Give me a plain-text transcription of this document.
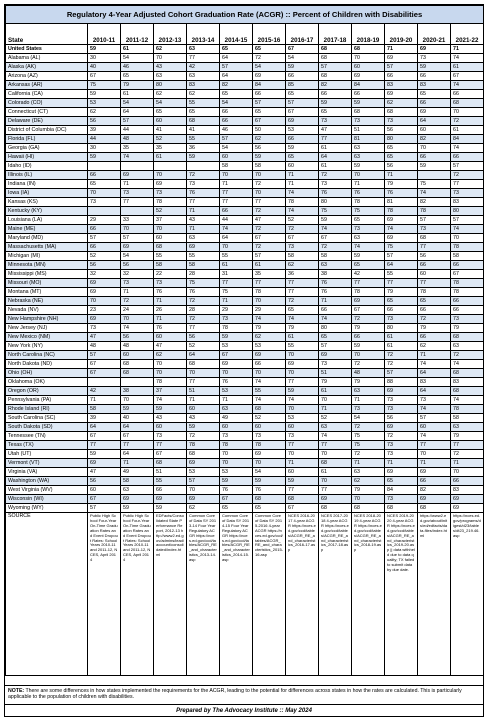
Regulatory 4-Year Adjusted Cohort Graduation Rate (ACGR) :: Percent of Children with Disabilities												
State	2010-11	2011-12	2012-13	2013-14	2014-15	2015-16	2016-17	2017-18	2018-19	2019-20	2020-21	2021-22
United States	59	61	62	63	65	65	67	68	68	71	69	71
Alabama (AL)	30	54	70	77	64	72	54	68	70	69	73	74
Alaska (AK)	40	46	43	42	57	54	59	57	60	57	59	61
Arizona (AZ)	67	65	63	63	64	69	66	68	69	66	66	67
Arkansas (AR)	75	79	80	83	82	84	85	82	84	83	83	74
California (CA)	59	61	62	62	65	66	65	66	66	69	65	66
Colorado (CO)	53	54	54	55	54	57	57	59	59	62	66	68
Connecticut (CT)	62	64	65	65	66	65	67	65	68	68	69	70
Delaware (DE)	56	57	60	68	66	67	69	73	73	73	64	72
District of Columbia (DC)	39	44	41	41	46	50	53	47	51	56	60	61
Florida (FL)	44	48	52	55	57	62	66	77	81	80	82	84
Georgia (GA)	30	35	35	36	54	56	59	61	63	65	70	74
Hawaii (HI)	59	74	61	59	60	59	65	64	63	65	66	66
Idaho (ID)					58	58	60	61	59	56	59	57
Illinois (IL)	66	69	70	72	70	70	71	72	70	71		72
Indiana (IN)	65	71	69	73	71	72	71	73	71	79	75	77
Iowa (IA)	70	73	73	76	77	70	74	76	76	76	74	73
Kansas (KS)	73	77	78	77	77	77	78	80	78	81	82	83
Kentucky (KY)			52	71	66	72	74	75	75	78	78	80
Louisiana (LA)	29	33	37	43	44	47	52	59	65	69	57	57
Maine (ME)	66	70	70	71	74	72	72	74	73	74	73	74
Maryland (MD)	57	57	60	63	64	67	67	67	63	69	68	70
Massachusetts (MA)	66	69	68	69	70	72	73	72	74	75	77	78
Michigan (MI)	52	54	55	55	55	57	58	58	59	57	56	58
Minnesota (MN)	56	56	58	58	61	61	62	63	65	64	66	66
Mississippi (MS)	32	32	22	28	31	35	36	38	42	55	60	67
Missouri (MO)	69	73	73	75	77	77	77	76	77	77	77	78
Montana (MT)	69	71	76	76	75	78	77	76	78	79	78	78
Nebraska (NE)	70	72	71	72	71	70	72	71	69	65	65	66
Nevada (NV)	23	24	26	28	29	29	65	66	67	66	66	66
New Hampshire (NH)	69	70	71	72	73	74	74	74	72	73	72	73
New Jersey (NJ)	73	74	76	77	78	79	79	80	79	80	79	79
New Mexico (NM)	47	56	60	56	59	62	61	65	66	61	66	68
New York (NY)	48	48	47	52	53	53	55	57	59	61	62	63
North Carolina (NC)	57	60	62	64	67	69	70	69	70	72	71	72
North Dakota (ND)	67	68	70	68	69	66	69	73	72	72	74	74
Ohio (OH)	67	68	70	70	70	70	70	51	48	57	64	68
Oklahoma (OK)			78	77	76	74	77	79	79	88	83	83
Oregon (OR)	42	38	37	51	53	55	59	61	63	69	64	68
Pennsylvania (PA)	71	70	74	71	71	74	74	70	71	73	73	74
Rhode Island (RI)	58	59	59	60	63	68	70	71	73	73	74	78
South Carolina (SC)	39	40	43	43	49	52	53	52	54	56	57	58
South Dakota (SD)	64	64	60	59	60	60	60	63	72	69	60	63
Tennessee (TN)	67	67	73	72	73	73	73	74	75	72	74	79
Texas (TX)	77	77	77	78	78	78	77	77	75	73	77	77
Utah (UT)	59	64	67	68	70	69	70	70	72	73	70	72
Vermont (VT)	69	71	68	69	70	70	71	68	71	71	71	71
Virginia (VA)	47	49	51	53	53	54	60	61	63	69	69	70
Washington (WA)	56	58	55	57	59	59	59	70	62	65	66	66
West Virginia (WV)	60	63	66	70	76	76	77	77	79	84	82	83
Wisconsin (WI)	67	69	69	69	67	68	68	69	70	73	69	69
Wyoming (WY)	57	59	59	62	65	65	67	68	68	68	68	69
SOURCE	Public High School Four-Year On-Time Graduation Rates and Event Dropout Rates: School Years 2010-11 and 2011-12, NCES, April 2014	Public High School Four-Year On-Time Graduation Rates and Event Dropout Rates: School Years 2010-11 and 2011-12, NCES, April 2014	EDFacts/Consolidated State Performance Report, 2012-13 http://www2.ed.gov/admins/lead/account/consolidated/index.html	Common Core of Data SY 2013-14 Four Year Regulatory ACGR https://nces.ed.gov/ccd/tables/ACGR_RE_and_characteristics_2013-14.asp	Common Core of Data SY 2014-15 Four Year Regulatory ACGR https://nces.ed.gov/ccd/tables/ACGR_RE_and_characteristics_2014-15.asp	Common Core of Data SY 2015-2016 4-year ACGR https://nces.ed.gov/ccd/tables/ACGR_RE_and_characteristics_2015-16.asp	NCES 2016-2017 4-year ACGR https://nces.ed.gov/ccd/tables/ACGR_RE_and_characteristics_2016-17.asp	NCES 2017-2018 4-year ACGR https://nces.ed.gov/ccd/tables/ACGR_RE_and_characteristics_2017-18.asp	NCES 2018-2019 4-year ACGR https://nces.ed.gov/ccd/tables/ACGR_RE_and_characteristics_2018-19.asp	NCES 2019-2020 4-year ACGR https://nces.ed.gov/ccd/tables/ACGR_RE_and_characteristics_2019-20.asp || data withheld due to data quality; TX failed to submit data by due date.	https://www2.ed.gov/about/inits/ed/edfacts/data-files/index.html	https://nces.ed.gov/programs/digest/d23/tables/dt23_219.46.asp
NOTE: There are some differences in how states implemented the requirements for the ACGR, leading to the potential for differences across states in how the rates are calculated. This is particularly applicable to the population of children with disabilities.
Prepared by The Advocacy Institute :: May 2024
